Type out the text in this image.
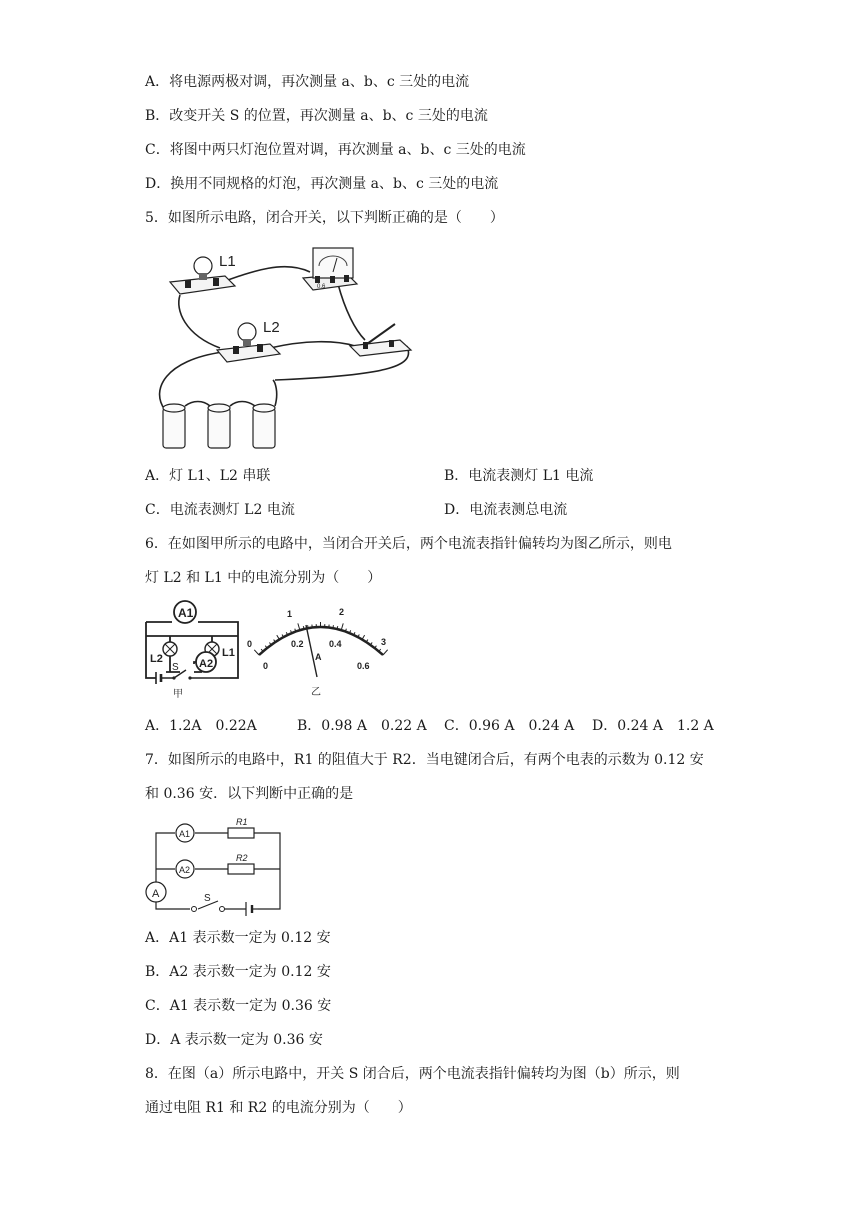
A．将电源两极对调，再次测量 a、b、c 三处的电流
B．改变开关 S 的位置，再次测量 a、b、c 三处的电流
C．将图中两只灯泡位置对调，再次测量 a、b、c 三处的电流
D．换用不同规格的灯泡，再次测量 a、b、c 三处的电流
5．如图所示电路，闭合开关，以下判断正确的是（　　）
L1
0.6
L2
A．灯 L1、L2 串联	B．电流表测灯 L1 电流
C．电流表测灯 L2 电流	D．电流表测总电流
6．在如图甲所示的电路中，当闭合开关后，两个电流表指针偏转均为图乙所示，则电
灯 L2 和 L1 中的电流分别为（　　）
A1
A2
L2	L1
S
甲
0
1	2
3
0
0.2	0.4
0.6
A
乙
A．1.2A　0.22A	B．0.98 A　0.22 A C．0.96 A　0.24 A D．0.24 A　1.2 A
7．如图所示的电路中，R1 的阻值大于 R2．当电键闭合后，有两个电表的示数为 0.12 安
和 0.36 安．以下判断中正确的是
A1
A2
A
R1
R2
S
A．A1 表示数一定为 0.12 安
B．A2 表示数一定为 0.12 安
C．A1 表示数一定为 0.36 安
D．A 表示数一定为 0.36 安
8．在图（a）所示电路中，开关 S 闭合后，两个电流表指针偏转均为图（b）所示，则
通过电阻 R1 和 R2 的电流分别为（　　）
